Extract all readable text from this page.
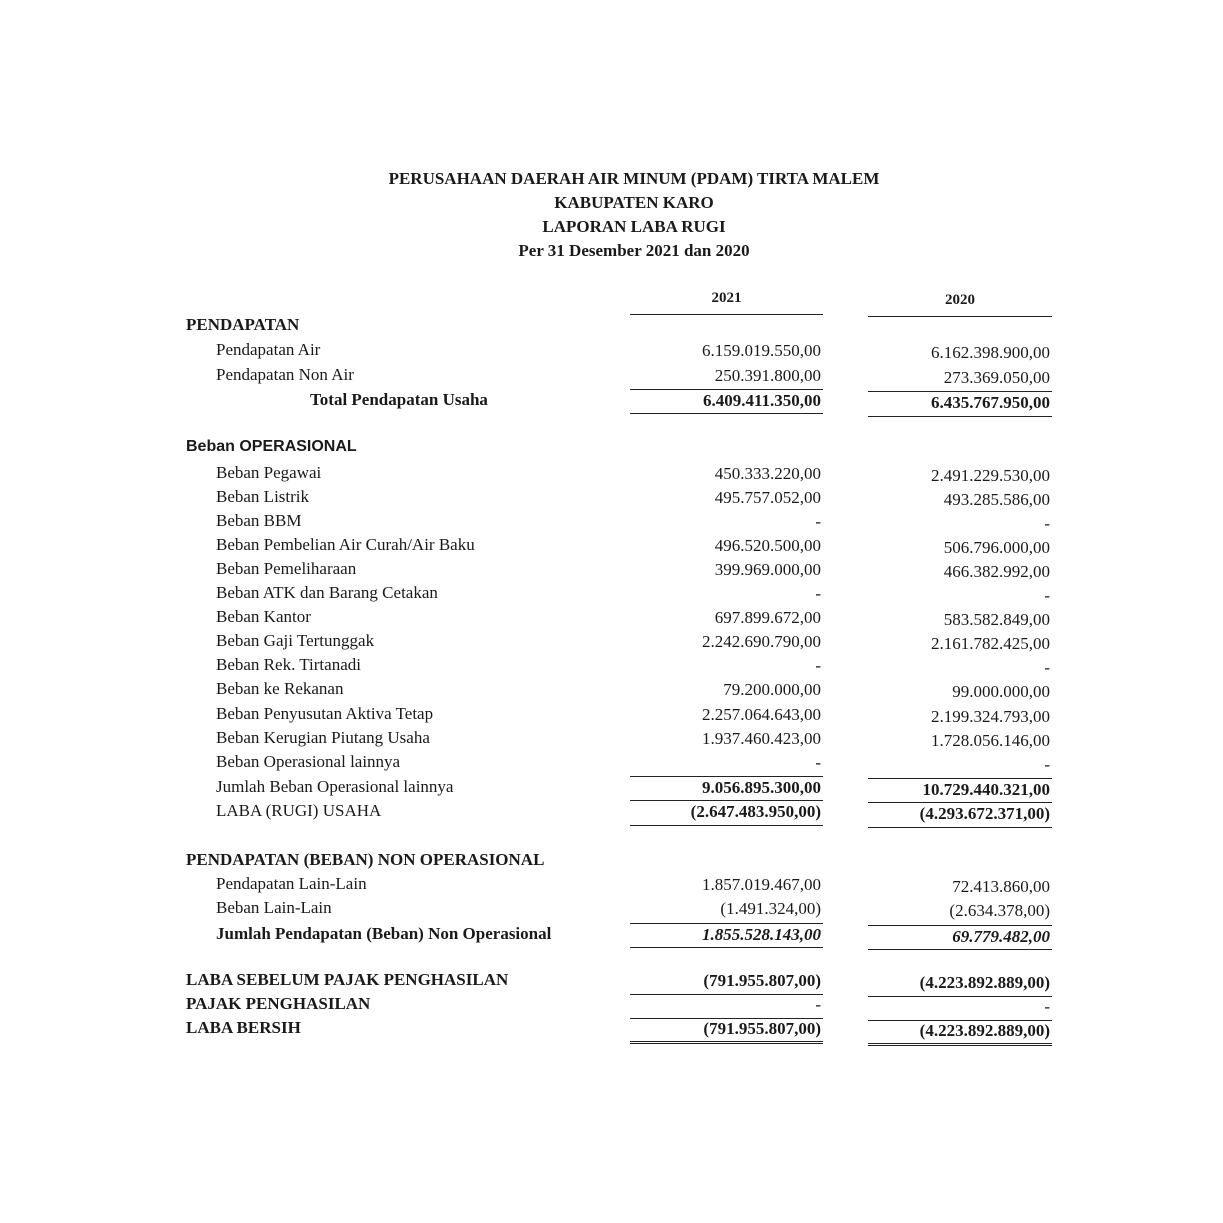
PERUSAHAAN DAERAH AIR MINUM (PDAM) TIRTA MALEM
KABUPATEN KARO
LAPORAN LABA RUGI
Per 31 Desember 2021 dan 2020
2021	2020
PENDAPATAN
Pendapatan Air	6.159.019.550,00	6.162.398.900,00
Pendapatan Non Air	250.391.800,00	273.369.050,00
Total Pendapatan Usaha	6.409.411.350,00	6.435.767.950,00
Beban OPERASIONAL
Beban Pegawai	450.333.220,00	2.491.229.530,00
Beban Listrik	495.757.052,00	493.285.586,00
Beban BBM	-	-
Beban Pembelian Air Curah/Air Baku	496.520.500,00	506.796.000,00
Beban Pemeliharaan	399.969.000,00	466.382.992,00
Beban ATK dan Barang Cetakan	-	-
Beban Kantor	697.899.672,00	583.582.849,00
Beban Gaji Tertunggak	2.242.690.790,00	2.161.782.425,00
Beban Rek. Tirtanadi	-	-
Beban ke Rekanan	79.200.000,00	99.000.000,00
Beban Penyusutan Aktiva Tetap	2.257.064.643,00	2.199.324.793,00
Beban Kerugian Piutang Usaha	1.937.460.423,00	1.728.056.146,00
Beban Operasional lainnya	-	-
Jumlah Beban Operasional lainnya	9.056.895.300,00	10.729.440.321,00
LABA (RUGI) USAHA	(2.647.483.950,00)	(4.293.672.371,00)
PENDAPATAN (BEBAN) NON OPERASIONAL
Pendapatan Lain-Lain	1.857.019.467,00	72.413.860,00
Beban Lain-Lain	(1.491.324,00)	(2.634.378,00)
Jumlah Pendapatan (Beban) Non Operasional	1.855.528.143,00	69.779.482,00
LABA SEBELUM PAJAK PENGHASILAN	(791.955.807,00)	(4.223.892.889,00)
PAJAK PENGHASILAN	-	-
LABA BERSIH	(791.955.807,00)	(4.223.892.889,00)
